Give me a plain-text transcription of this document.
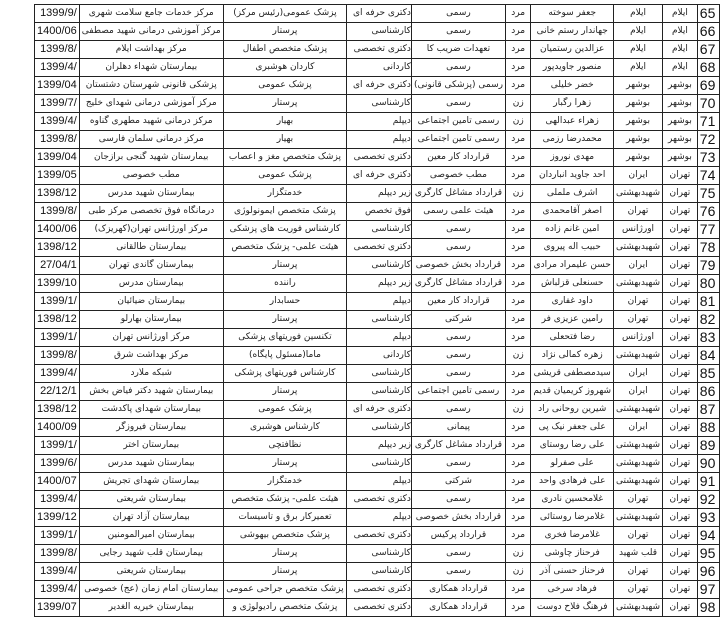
1399/9/	مرکز خدمات جامع سلامت شهری	پزشک عمومی(رئیس مرکز)	دکتری حرفه ای	رسمی	مرد	جعفر سوخته	ایلام	ایلام	65
1400/06	مرکز آموزشی درمانی شهید مصطفی	پرستار	کارشناسی	رسمی	مرد	جهاندار رستم خانی	ایلام	ایلام	66
1399/8/	مرکز بهداشت ایلام	پزشک متخصص اطفال	دکتری تخصصی	تعهدات ضریب کا	مرد	عزالدین رستمیان	ایلام	ایلام	67
1399/4/	بیمارستان شهداء دهلران	کاردان هوشبری	کاردانی	رسمی	مرد	منصور جاویدپور	ایلام	ایلام	68
1399/04	پزشکی قانونی شهرستان دشتستان	پزشک عمومی	دکتری حرفه ای	رسمی (پزشکی قانونی)	مرد	خضر خلیلی	بوشهر	بوشهر	69
1399/7/	مرکز آموزشی درمانی شهدای خلیج	پرستار	کارشناسی	رسمی	زن	زهرا رگبار	بوشهر	بوشهر	70
1399/4/	مرکز درمانی شهید مطهری گناوه	بهیار	دیپلم	رسمی تامین اجتماعی	زن	زهراء عبدالهی	بوشهر	بوشهر	71
1399/8/	مرکز درمانی سلمان فارسی	بهیار	دیپلم	رسمی تامین اجتماعی	مرد	محمدرضا رزمی	بوشهر	بوشهر	72
1399/04	بیمارستان شهید گنجی برازجان	پزشک متخصص مغز و اعصاب	دکتری تخصصی	قرارداد کار معین	مرد	مهدی نوروز	بوشهر	بوشهر	73
1399/05	مطب خصوصی	پزشک عمومی	دکتری حرفه ای	مطب خصوصی	مرد	احد جاوید انباردان	ایران	تهران	74
1398/12	بیمارستان شهید مدرس	خدمتگزار	زیر دیپلم	قرارداد مشاغل کارگری	زن	اشرف ململی	شهیدبهشتی	تهران	75
1399/8/	درمانگاه فوق تخصصی مرکز طبی	پزشک متخصص ایمونولوژی	فوق تخصص	هیئت علمی رسمی	مرد	اصغر آقامحمدی	تهران	تهران	76
1400/06	مرکز اورژانس تهران(کهریزک)	کارشناس فوریت های پزشکی	کارشناسی	رسمی	مرد	امین غانم زاده	اورژانس	تهران	77
1398/12	بیمارستان طالقانی	هیئت علمی- پزشک متخصص	دکتری تخصصی	رسمی	مرد	حبیب اله پیروی	شهیدبهشتی	تهران	78
27/04/1	بیمارستان گاندی تهران	پرستار	کارشناسی	قرارداد بخش خصوصی	مرد	حسن علیمراد مرادی	ایران	تهران	79
1399/10	بیمارستان مدرس	راننده	زیر دیپلم	قرارداد مشاغل کارگری	مرد	حسنعلی قزلباش	شهیدبهشتی	تهران	80
1399/1/	بیمارستان ضیائیان	حسابدار	دیپلم	قرارداد کار معین	مرد	داود غفاری	تهران	تهران	81
1398/12	بیمارستان بهارلو	پرستار	کارشناسی	شرکتی	مرد	رامین عزیزی فر	تهران	تهران	82
1399/1/	مرکز اورژانس تهران	تکنسین فوریتهای پزشکی	دیپلم	رسمی	مرد	رضا فتحعلی	اورژانس	تهران	83
1399/8/	مرکز بهداشت شرق	ماما(مسئول پایگاه)	کاردانی	رسمی	زن	زهره کمالی نژاد	شهیدبهشتی	تهران	84
1399/4/	شبکه ملارد	کارشناس فوریتهای پزشکی	کارشناسی	رسمی	مرد	سیدمصطفی قریشی	ایران	تهران	85
22/12/1	بیمارستان شهید دکتر فیاض بخش	پرستار	کارشناسی	رسمی تامین اجتماعی	مرد	شهروز کریمیان قدیم	ایران	تهران	86
1398/12	بیمارستان شهدای پاکدشت	پزشک عمومی	دکتری حرفه ای	رسمی	زن	شیرین روحانی راد	شهیدبهشتی	تهران	87
1400/09	بیمارستان فیروزگر	کارشناس هوشبری	کارشناسی	پیمانی	مرد	علی جعفر نیک پی	ایران	تهران	88
1399/1/	بیمارستان اختر	نظافتچی	زیر دیپلم	قرارداد مشاغل کارگری	مرد	علی رضا روستای	شهیدبهشتی	تهران	89
1399/6/	بیمارستان شهید مدرس	پرستار	کارشناسی	رسمی	مرد	علی صفرلو	شهیدبهشتی	تهران	90
1400/07	بیمارستان شهدای تجریش	خدمتگزار	دیپلم	شرکتی	مرد	علی فرهادی واحد	شهیدبهشتی	تهران	91
1399/4/	بیمارستان شریعتی	هیئت علمی- پزشک متخصص	دکتری تخصصی	رسمی	مرد	غلامحسین نادری	تهران	تهران	92
1399/12	بیمارستان آزاد تهران	تعمیرکار برق و تاسیسات	دیپلم	قرارداد بخش خصوصی	مرد	غلامرضا روستائی	شهیدبهشتی	تهران	93
1399/1/	بیمارستان امیرالمومنین	پزشک متخصص بیهوشی	دکتری تخصصی	قرارداد پرکیس	مرد	غلامرضا فخری	تهران	تهران	94
1399/8/	بیمارستان قلب شهید رجایی	پرستار	کارشناسی	رسمی	زن	فرحناز چاوشی	قلب شهید	تهران	95
1399/4/	بیمارستان شریعتی	پرستار	کارشناسی	رسمی	زن	فرحناز حسنی آذر	تهران	تهران	96
1399/4/	بیمارستان امام زمان (عج) خصوصی	پزشک متخصص جراحی عمومی	دکتری تخصصی	قرارداد همکاری	مرد	فرهاد سرخی	تهران	تهران	97
1399/07	بیمارستان خیریه الغدیر	پزشک متخصص رادیولوژی و	دکتری تخصصی	قرارداد همکاری	مرد	فرهنگ فلاح دوست	شهیدبهشتی	تهران	98
